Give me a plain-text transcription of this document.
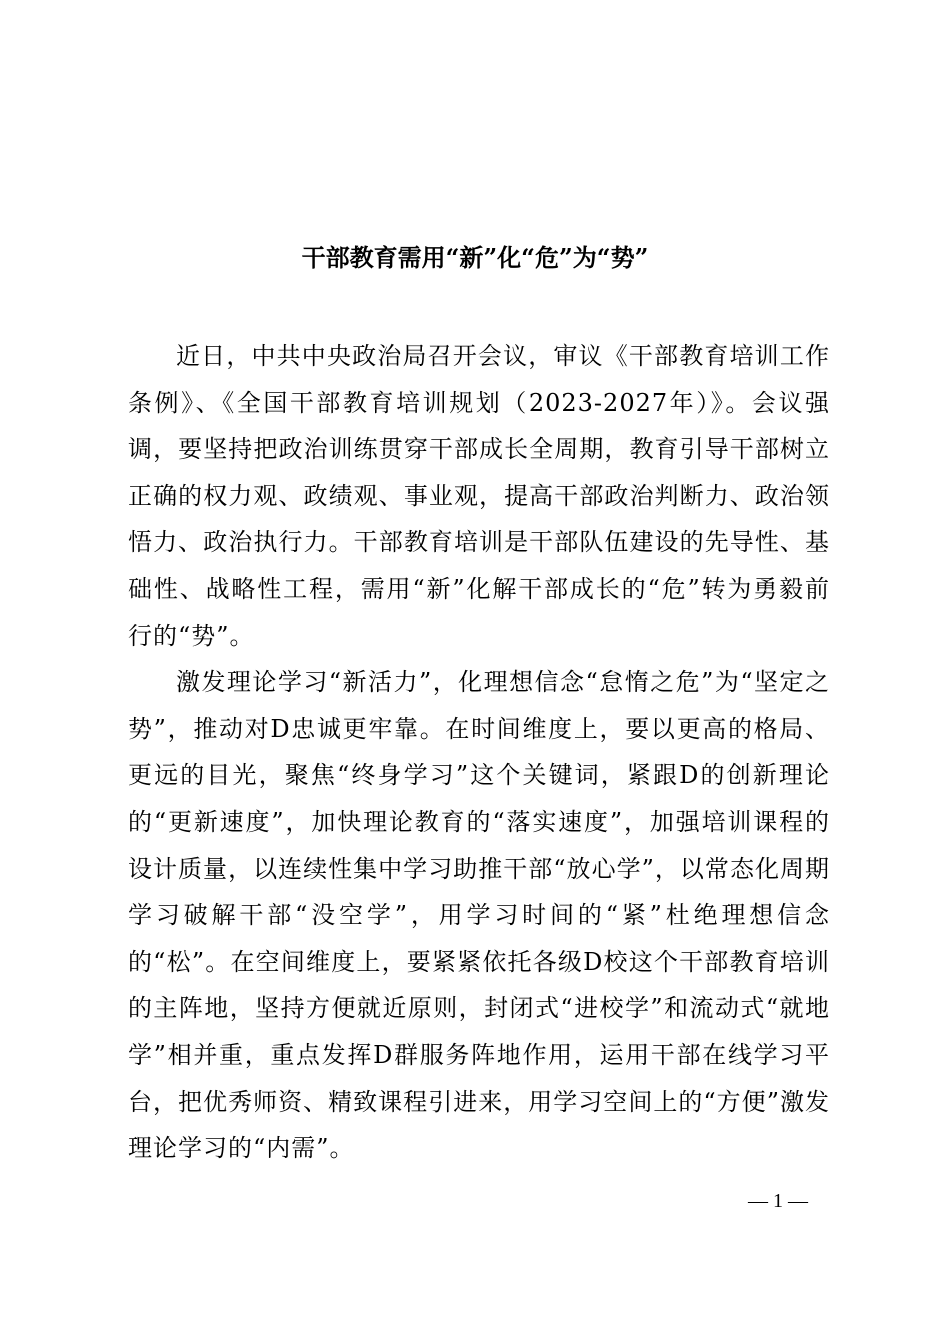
干部教育需用“新”化“危”为“势”

近日，中共中央政治局召开会议，审议《干部教育培训工作条例》、《全国干部教育培训规划（2023-2027年）》。会议强调，要坚持把政治训练贯穿干部成长全周期，教育引导干部树立正确的权力观、政绩观、事业观，提高干部政治判断力、政治领悟力、政治执行力。干部教育培训是干部队伍建设的先导性、基础性、战略性工程，需用“新”化解干部成长的“危”转为勇毅前行的“势”。

激发理论学习“新活力”，化理想信念“怠惰之危”为“坚定之势”，推动对D忠诚更牢靠。在时间维度上，要以更高的格局、更远的目光，聚焦“终身学习”这个关键词，紧跟D的创新理论的“更新速度”，加快理论教育的“落实速度”，加强培训课程的设计质量，以连续性集中学习助推干部“放心学”，以常态化周期学习破解干部“没空学”，用学习时间的“紧”杜绝理想信念的“松”。在空间维度上，要紧紧依托各级D校这个干部教育培训的主阵地，坚持方便就近原则，封闭式“进校学”和流动式“就地学”相并重，重点发挥D群服务阵地作用，运用干部在线学习平台，把优秀师资、精致课程引进来，用学习空间上的“方便”激发理论学习的“内需”。

— 1 —
